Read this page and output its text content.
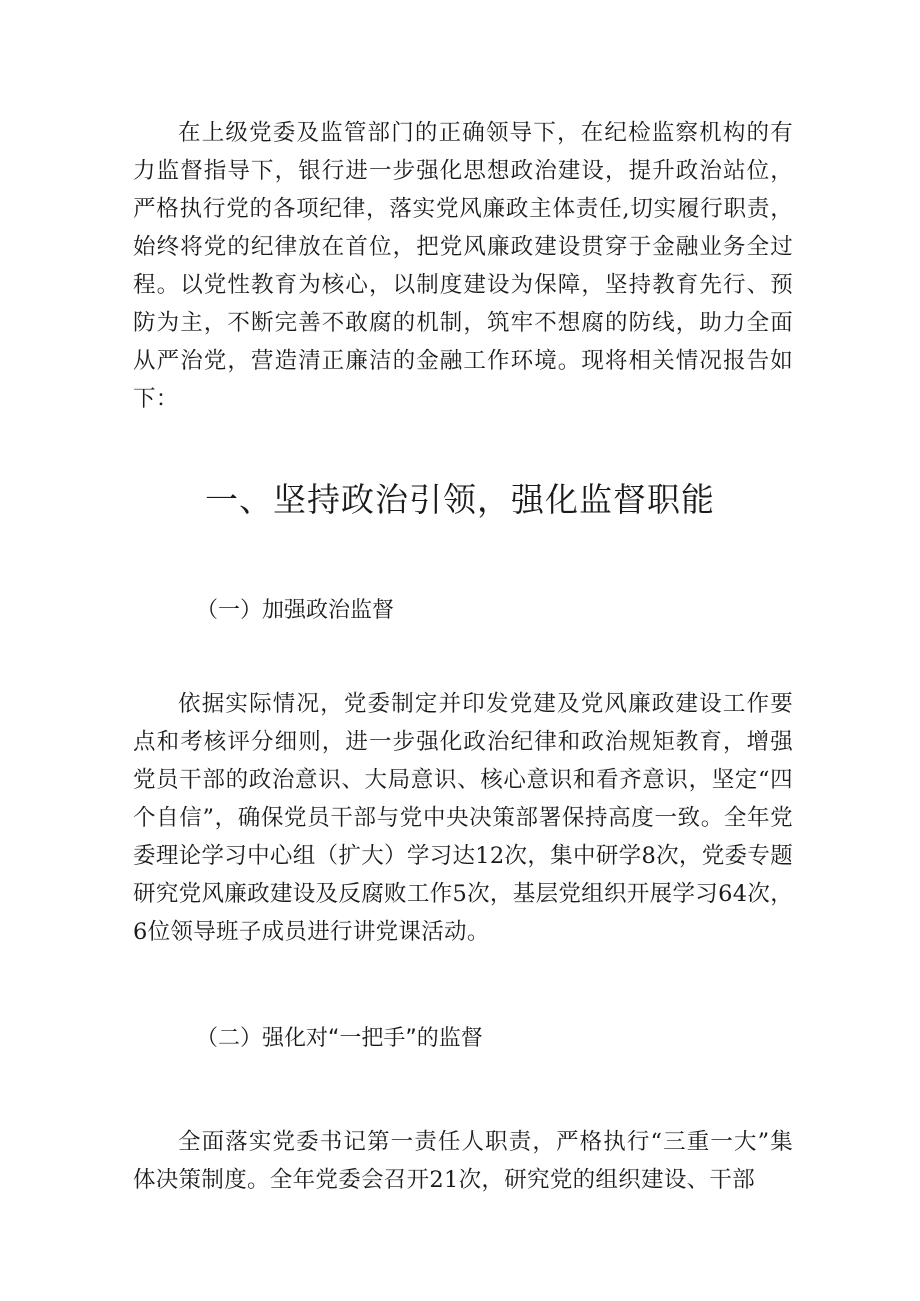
在上级党委及监管部门的正确领导下，在纪检监察机构的有力监督指导下，银行进一步强化思想政治建设，提升政治站位，严格执行党的各项纪律，落实党风廉政主体责任,切实履行职责，始终将党的纪律放在首位，把党风廉政建设贯穿于金融业务全过程。以党性教育为核心，以制度建设为保障，坚持教育先行、预防为主，不断完善不敢腐的机制，筑牢不想腐的防线，助力全面从严治党，营造清正廉洁的金融工作环境。现将相关情况报告如下：

一、坚持政治引领，强化监督职能
（一）加强政治监督

依据实际情况，党委制定并印发党建及党风廉政建设工作要点和考核评分细则，进一步强化政治纪律和政治规矩教育，增强党员干部的政治意识、大局意识、核心意识和看齐意识，坚定“四个自信”，确保党员干部与党中央决策部署保持高度一致。全年党委理论学习中心组（扩大）学习达12次，集中研学8次，党委专题研究党风廉政建设及反腐败工作5次，基层党组织开展学习64次，6位领导班子成员进行讲党课活动。

（二）强化对“一把手”的监督

全面落实党委书记第一责任人职责，严格执行“三重一大”集体决策制度。全年党委会召开21次，研究党的组织建设、干部
